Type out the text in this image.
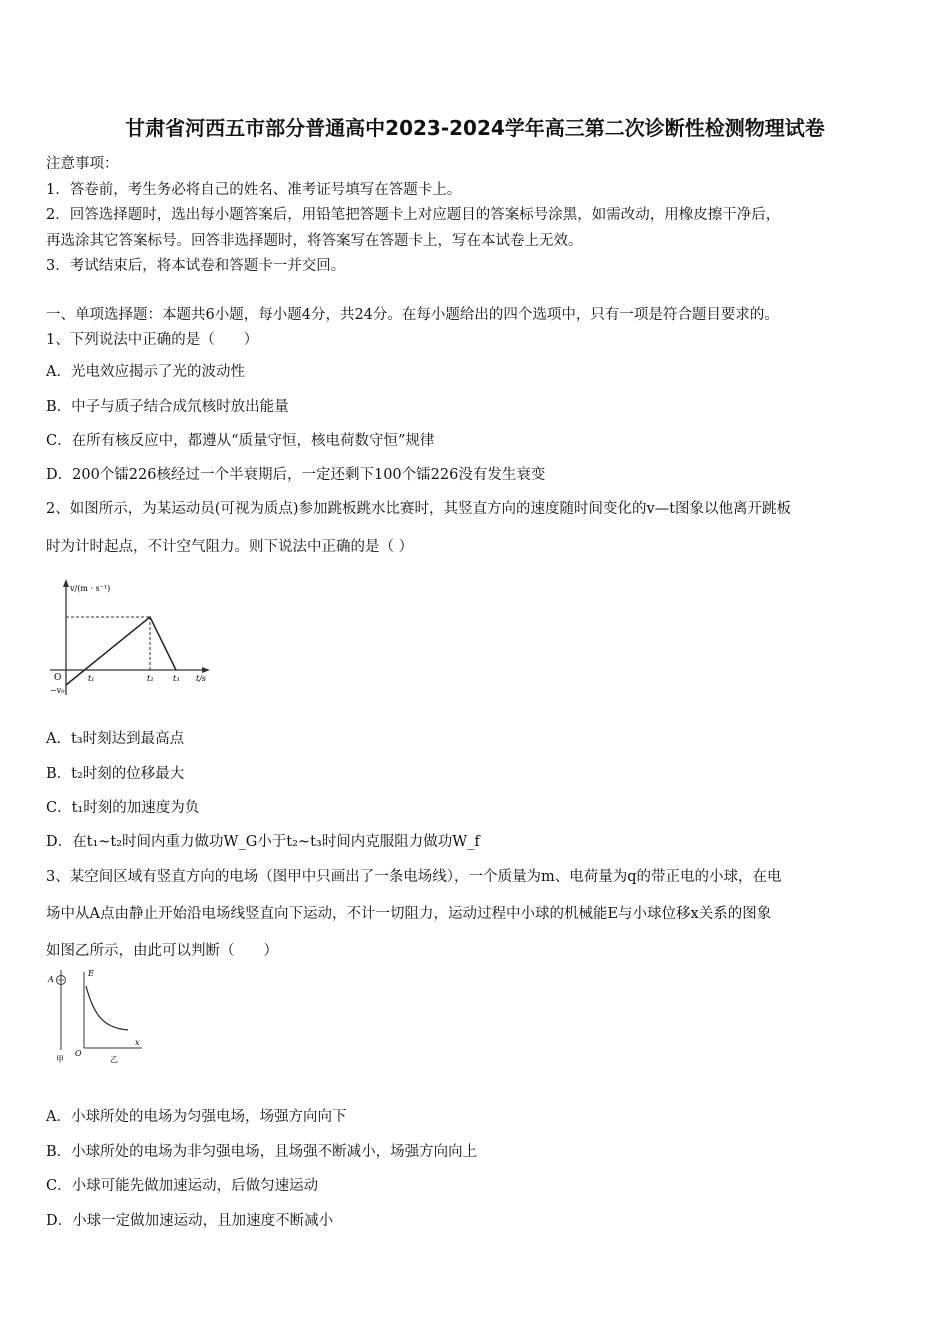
甘肃省河西五市部分普通高中2023-2024学年高三第二次诊断性检测物理试卷
注意事项：
1．答卷前，考生务必将自己的姓名、准考证号填写在答题卡上。
2．回答选择题时，选出每小题答案后，用铅笔把答题卡上对应题目的答案标号涂黑，如需改动，用橡皮擦干净后，
再选涂其它答案标号。回答非选择题时，将答案写在答题卡上，写在本试卷上无效。
3．考试结束后，将本试卷和答题卡一并交回。
一、单项选择题：本题共6小题，每小题4分，共24分。在每小题给出的四个选项中，只有一项是符合题目要求的。
1、下列说法中正确的是（　　）
A．光电效应揭示了光的波动性
B．中子与质子结合成氘核时放出能量
C．在所有核反应中，都遵从“质量守恒，核电荷数守恒”规律
D．200个镭226核经过一个半衰期后，一定还剩下100个镭226没有发生衰变
2、如图所示，为某运动员(可视为质点)参加跳板跳水比赛时，其竖直方向的速度随时间变化的v—t图象以他离开跳板
时为计时起点，不计空气阻力。则下说法中正确的是（ ）
v/(m · s⁻¹)
O
−v₀
t₁	t₂ t₃ t/s
A．t₃时刻达到最高点
B．t₂时刻的位移最大
C．t₁时刻的加速度为负
D．在t₁~t₂时间内重力做功W_G小于t₂~t₃时间内克服阻力做功W_f
3、某空间区域有竖直方向的电场（图甲中只画出了一条电场线），一个质量为m、电荷量为q的带正电的小球，在电
场中从A点由静止开始沿电场线竖直向下运动，不计一切阻力，运动过程中小球的机械能E与小球位移x关系的图象
如图乙所示，由此可以判断（　　）
A
甲
E
O
x
乙
A．小球所处的电场为匀强电场，场强方向向下
B．小球所处的电场为非匀强电场，且场强不断减小，场强方向向上
C．小球可能先做加速运动，后做匀速运动
D．小球一定做加速运动，且加速度不断减小
